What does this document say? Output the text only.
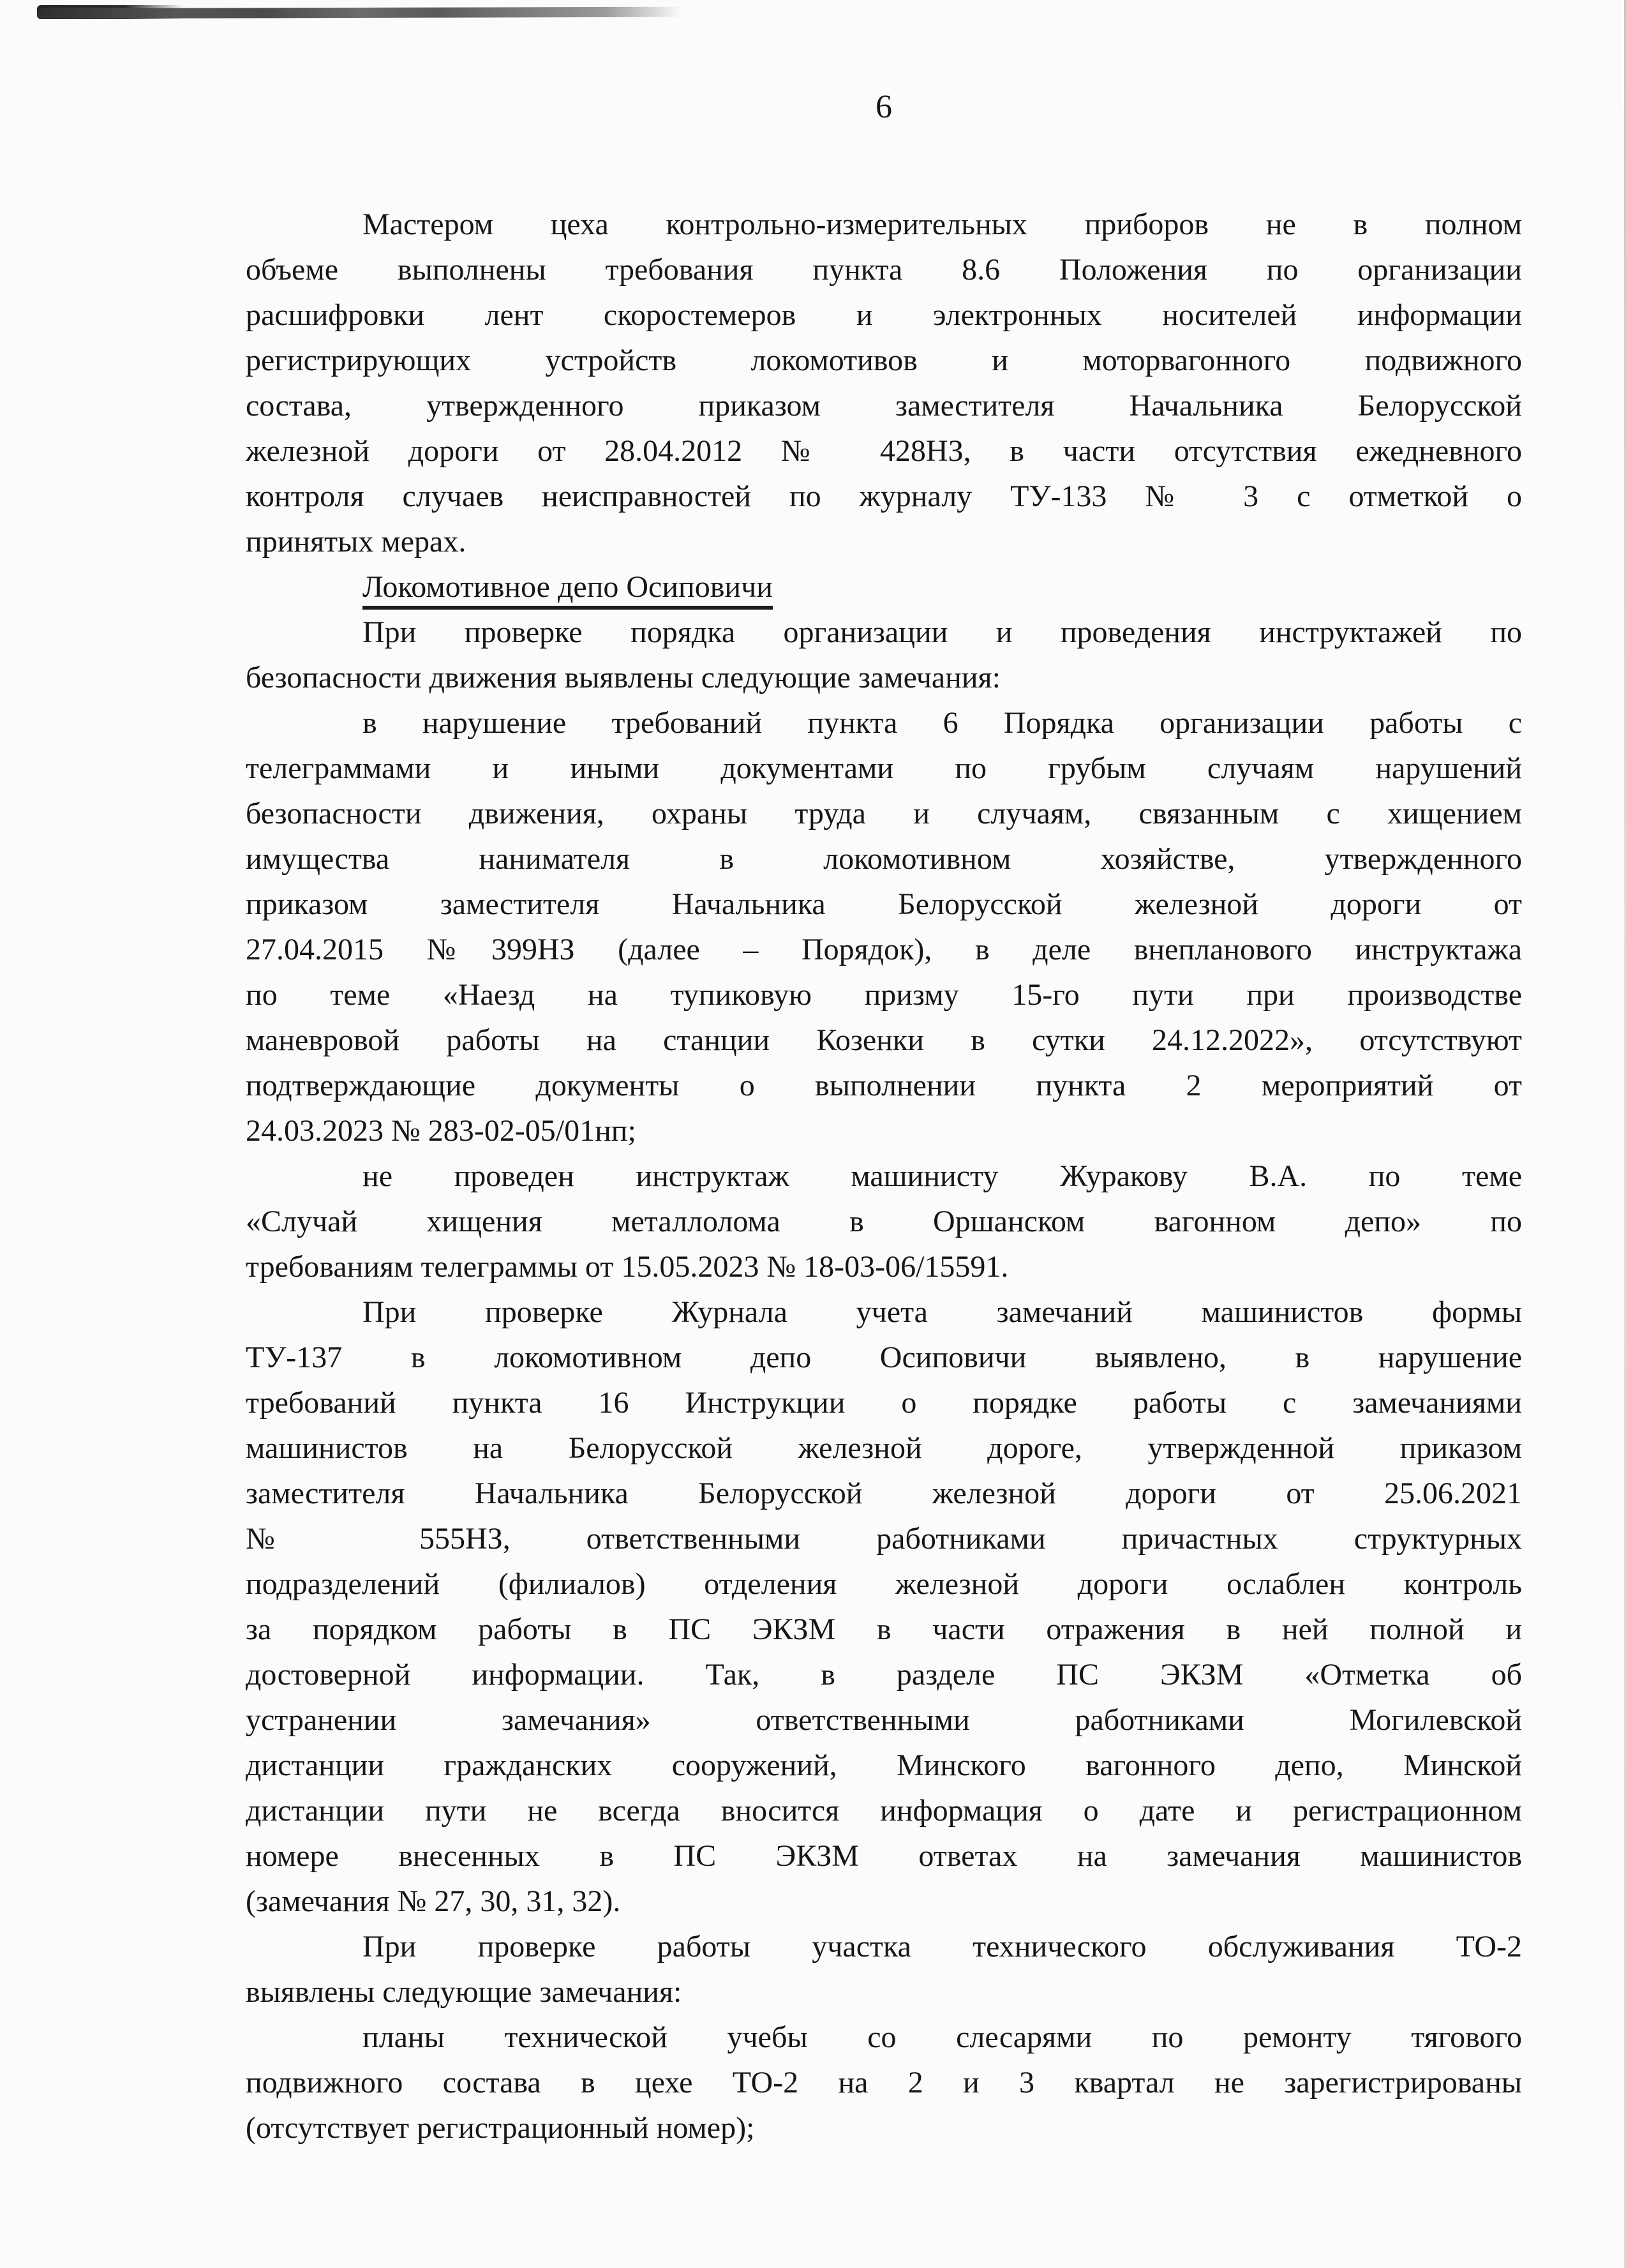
6
Мастером цеха контрольно-измерительных приборов не в полном
объеме выполнены требования пункта 8.6 Положения по организации
расшифровки лент скоростемеров и электронных носителей информации
регистрирующих устройств локомотивов и моторвагонного подвижного
состава, утвержденного приказом заместителя Начальника Белорусской
железной дороги от 28.04.2012 № 428НЗ, в части отсутствия ежедневного
контроля случаев неисправностей по журналу ТУ-133 № 3 с отметкой о
принятых мерах.
Локомотивное депо Осиповичи
При проверке порядка организации и проведения инструктажей по
безопасности движения выявлены следующие замечания:
в нарушение требований пункта 6 Порядка организации работы с
телеграммами и иными документами по грубым случаям нарушений
безопасности движения, охраны труда и случаям, связанным с хищением
имущества нанимателя в локомотивном хозяйстве, утвержденного
приказом заместителя Начальника Белорусской железной дороги от
27.04.2015 №399НЗ (далее – Порядок), в деле внепланового инструктажа
по теме «Наезд на тупиковую призму 15-го пути при производстве
маневровой работы на станции Козенки в сутки 24.12.2022», отсутствуют
подтверждающие документы о выполнении пункта 2 мероприятий от
24.03.2023 № 283-02-05/01нп;
не проведен инструктаж машинисту Журакову В.А. по теме
«Случай хищения металлолома в Оршанском вагонном депо» по
требованиям телеграммы от 15.05.2023 № 18-03-06/15591.
При проверке Журнала учета замечаний машинистов формы
ТУ-137 в локомотивном депо Осиповичи выявлено, в нарушение
требований пункта 16 Инструкции о порядке работы с замечаниями
машинистов на Белорусской железной дороге, утвержденной приказом
заместителя Начальника Белорусской железной дороги от 25.06.2021
№ 555НЗ, ответственными работниками причастных структурных
подразделений (филиалов) отделения железной дороги ослаблен контроль
за порядком работы в ПС ЭКЗМ в части отражения в ней полной и
достоверной информации. Так, в разделе ПС ЭКЗМ «Отметка об
устранении замечания» ответственными работниками Могилевской
дистанции гражданских сооружений, Минского вагонного депо, Минской
дистанции пути не всегда вносится информация о дате и регистрационном
номере внесенных в ПС ЭКЗМ ответах на замечания машинистов
(замечания № 27, 30, 31, 32).
При проверке работы участка технического обслуживания ТО-2
выявлены следующие замечания:
планы технической учебы со слесарями по ремонту тягового
подвижного состава в цехе ТО-2 на 2 и 3 квартал не зарегистрированы
(отсутствует регистрационный номер);
